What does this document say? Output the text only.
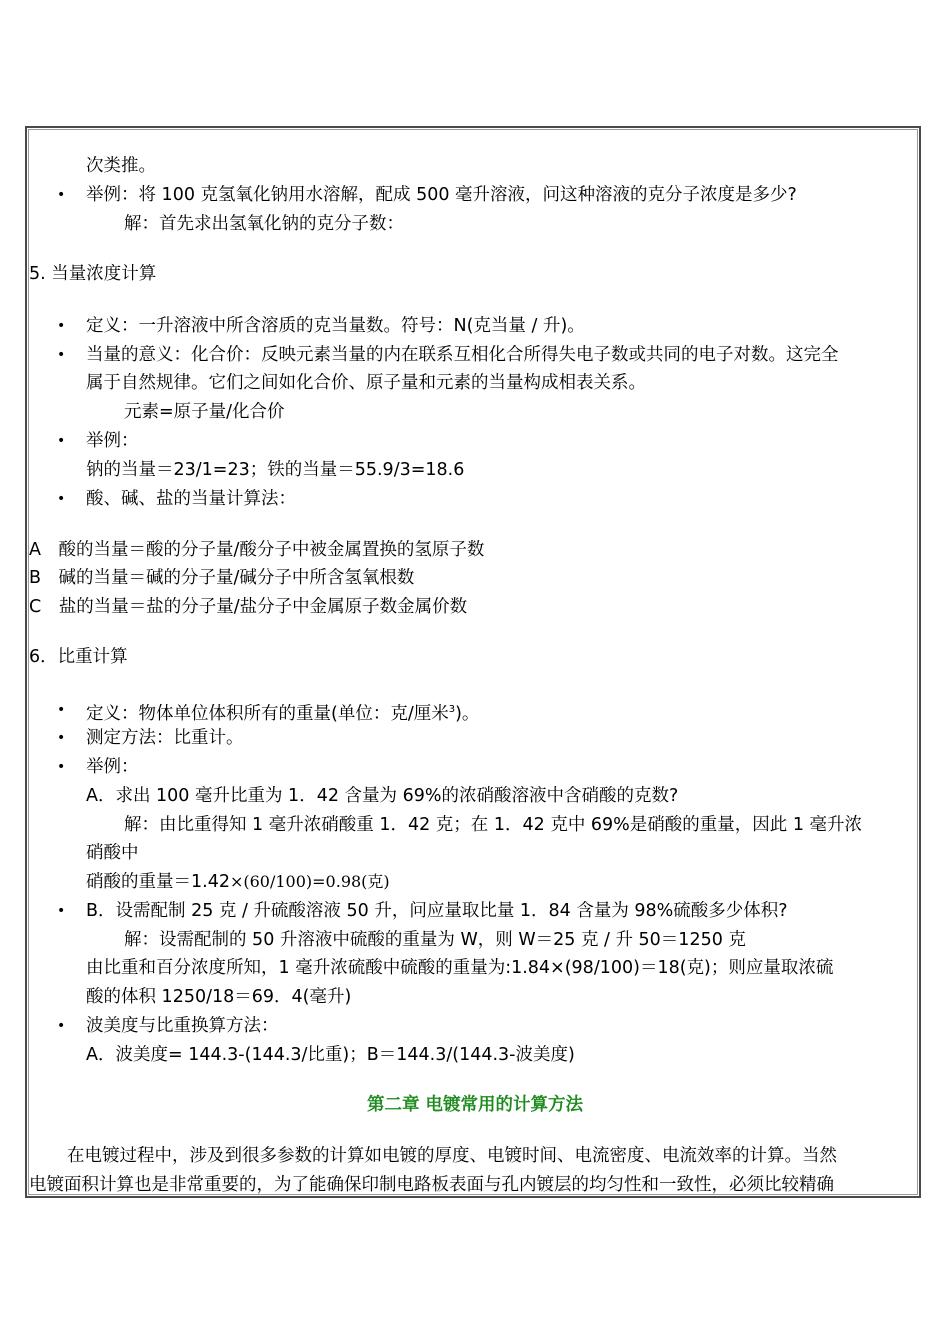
次类推。
• 举例：将 100 克氢氧化钠用水溶解，配成 500 毫升溶液，问这种溶液的克分子浓度是多少?
解：首先求出氢氧化钠的克分子数：
5. 当量浓度计算
• 定义：一升溶液中所含溶质的克当量数。符号：N(克当量 / 升)。
• 当量的意义：化合价：反映元素当量的内在联系互相化合所得失电子数或共同的电子对数。这完全
属于自然规律。它们之间如化合价、原子量和元素的当量构成相表关系。
元素=原子量/化合价
• 举例：
钠的当量＝23/1=23；铁的当量＝55.9/3=18.6
• 酸、碱、盐的当量计算法：
A　酸的当量＝酸的分子量/酸分子中被金属置换的氢原子数
B　碱的当量＝碱的分子量/碱分子中所含氢氧根数
C　盐的当量＝盐的分子量/盐分子中金属原子数金属价数
6．比重计算
• 定义：物体单位体积所有的重量(单位：克/厘米$^3$)。
• 测定方法：比重计。
• 举例：
A．求出 100 毫升比重为 1．42 含量为 69%的浓硝酸溶液中含硝酸的克数?
解：由比重得知 1 毫升浓硝酸重 1．42 克；在 1．42 克中 69%是硝酸的重量，因此 1 毫升浓
硝酸中
硝酸的重量＝1.42×(60/100)=0.98(克)
• B．设需配制 25 克 / 升硫酸溶液 50 升，问应量取比量 1．84 含量为 98%硫酸多少体积?
解：设需配制的 50 升溶液中硫酸的重量为 W，则 W＝25 克 / 升 50＝1250 克
由比重和百分浓度所知，1 毫升浓硫酸中硫酸的重量为:1.84×(98/100)＝18(克)；则应量取浓硫
酸的体积 1250/18＝69．4(毫升)
• 波美度与比重换算方法：
A．波美度= 144.3-(144.3/比重)；B＝144.3/(144.3-波美度)
第二章 电镀常用的计算方法
在电镀过程中，涉及到很多参数的计算如电镀的厚度、电镀时间、电流密度、电流效率的计算。当然
电镀面积计算也是非常重要的，为了能确保印制电路板表面与孔内镀层的均匀性和一致性，必须比较精确
